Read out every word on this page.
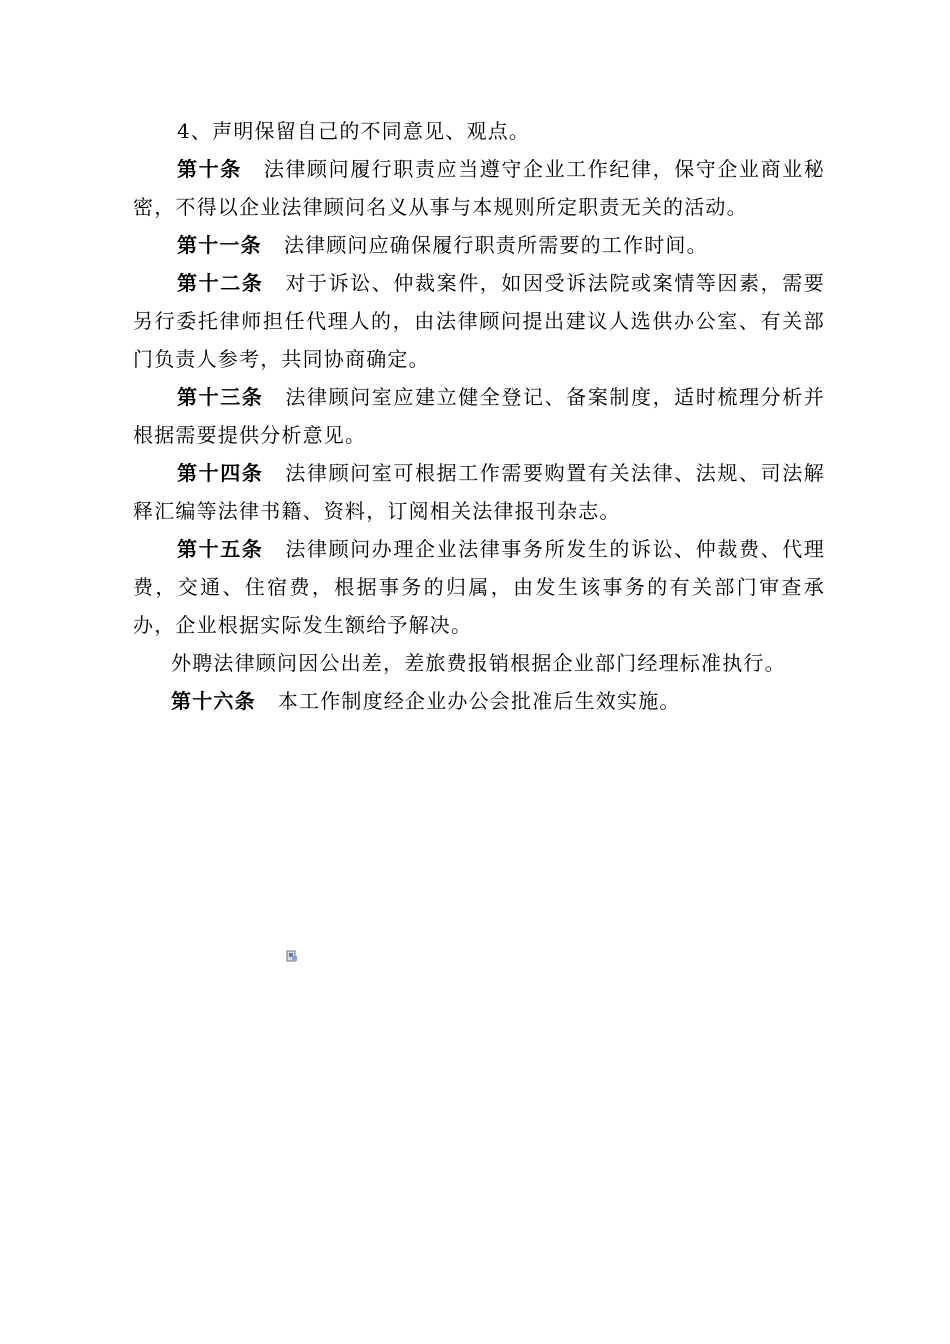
4、声明保留自己的不同意见、观点。

第十条 法律顾问履行职责应当遵守企业工作纪律，保守企业商业秘密，不得以企业法律顾问名义从事与本规则所定职责无关的活动。

第十一条 法律顾问应确保履行职责所需要的工作时间。

第十二条 对于诉讼、仲裁案件，如因受诉法院或案情等因素，需要另行委托律师担任代理人的，由法律顾问提出建议人选供办公室、有关部门负责人参考，共同协商确定。

第十三条 法律顾问室应建立健全登记、备案制度，适时梳理分析并根据需要提供分析意见。

第十四条 法律顾问室可根据工作需要购置有关法律、法规、司法解释汇编等法律书籍、资料，订阅相关法律报刊杂志。

第十五条 法律顾问办理企业法律事务所发生的诉讼、仲裁费、代理费，交通、住宿费，根据事务的归属，由发生该事务的有关部门审查承办，企业根据实际发生额给予解决。

外聘法律顾问因公出差，差旅费报销根据企业部门经理标准执行。

第十六条 本工作制度经企业办公会批准后生效实施。
